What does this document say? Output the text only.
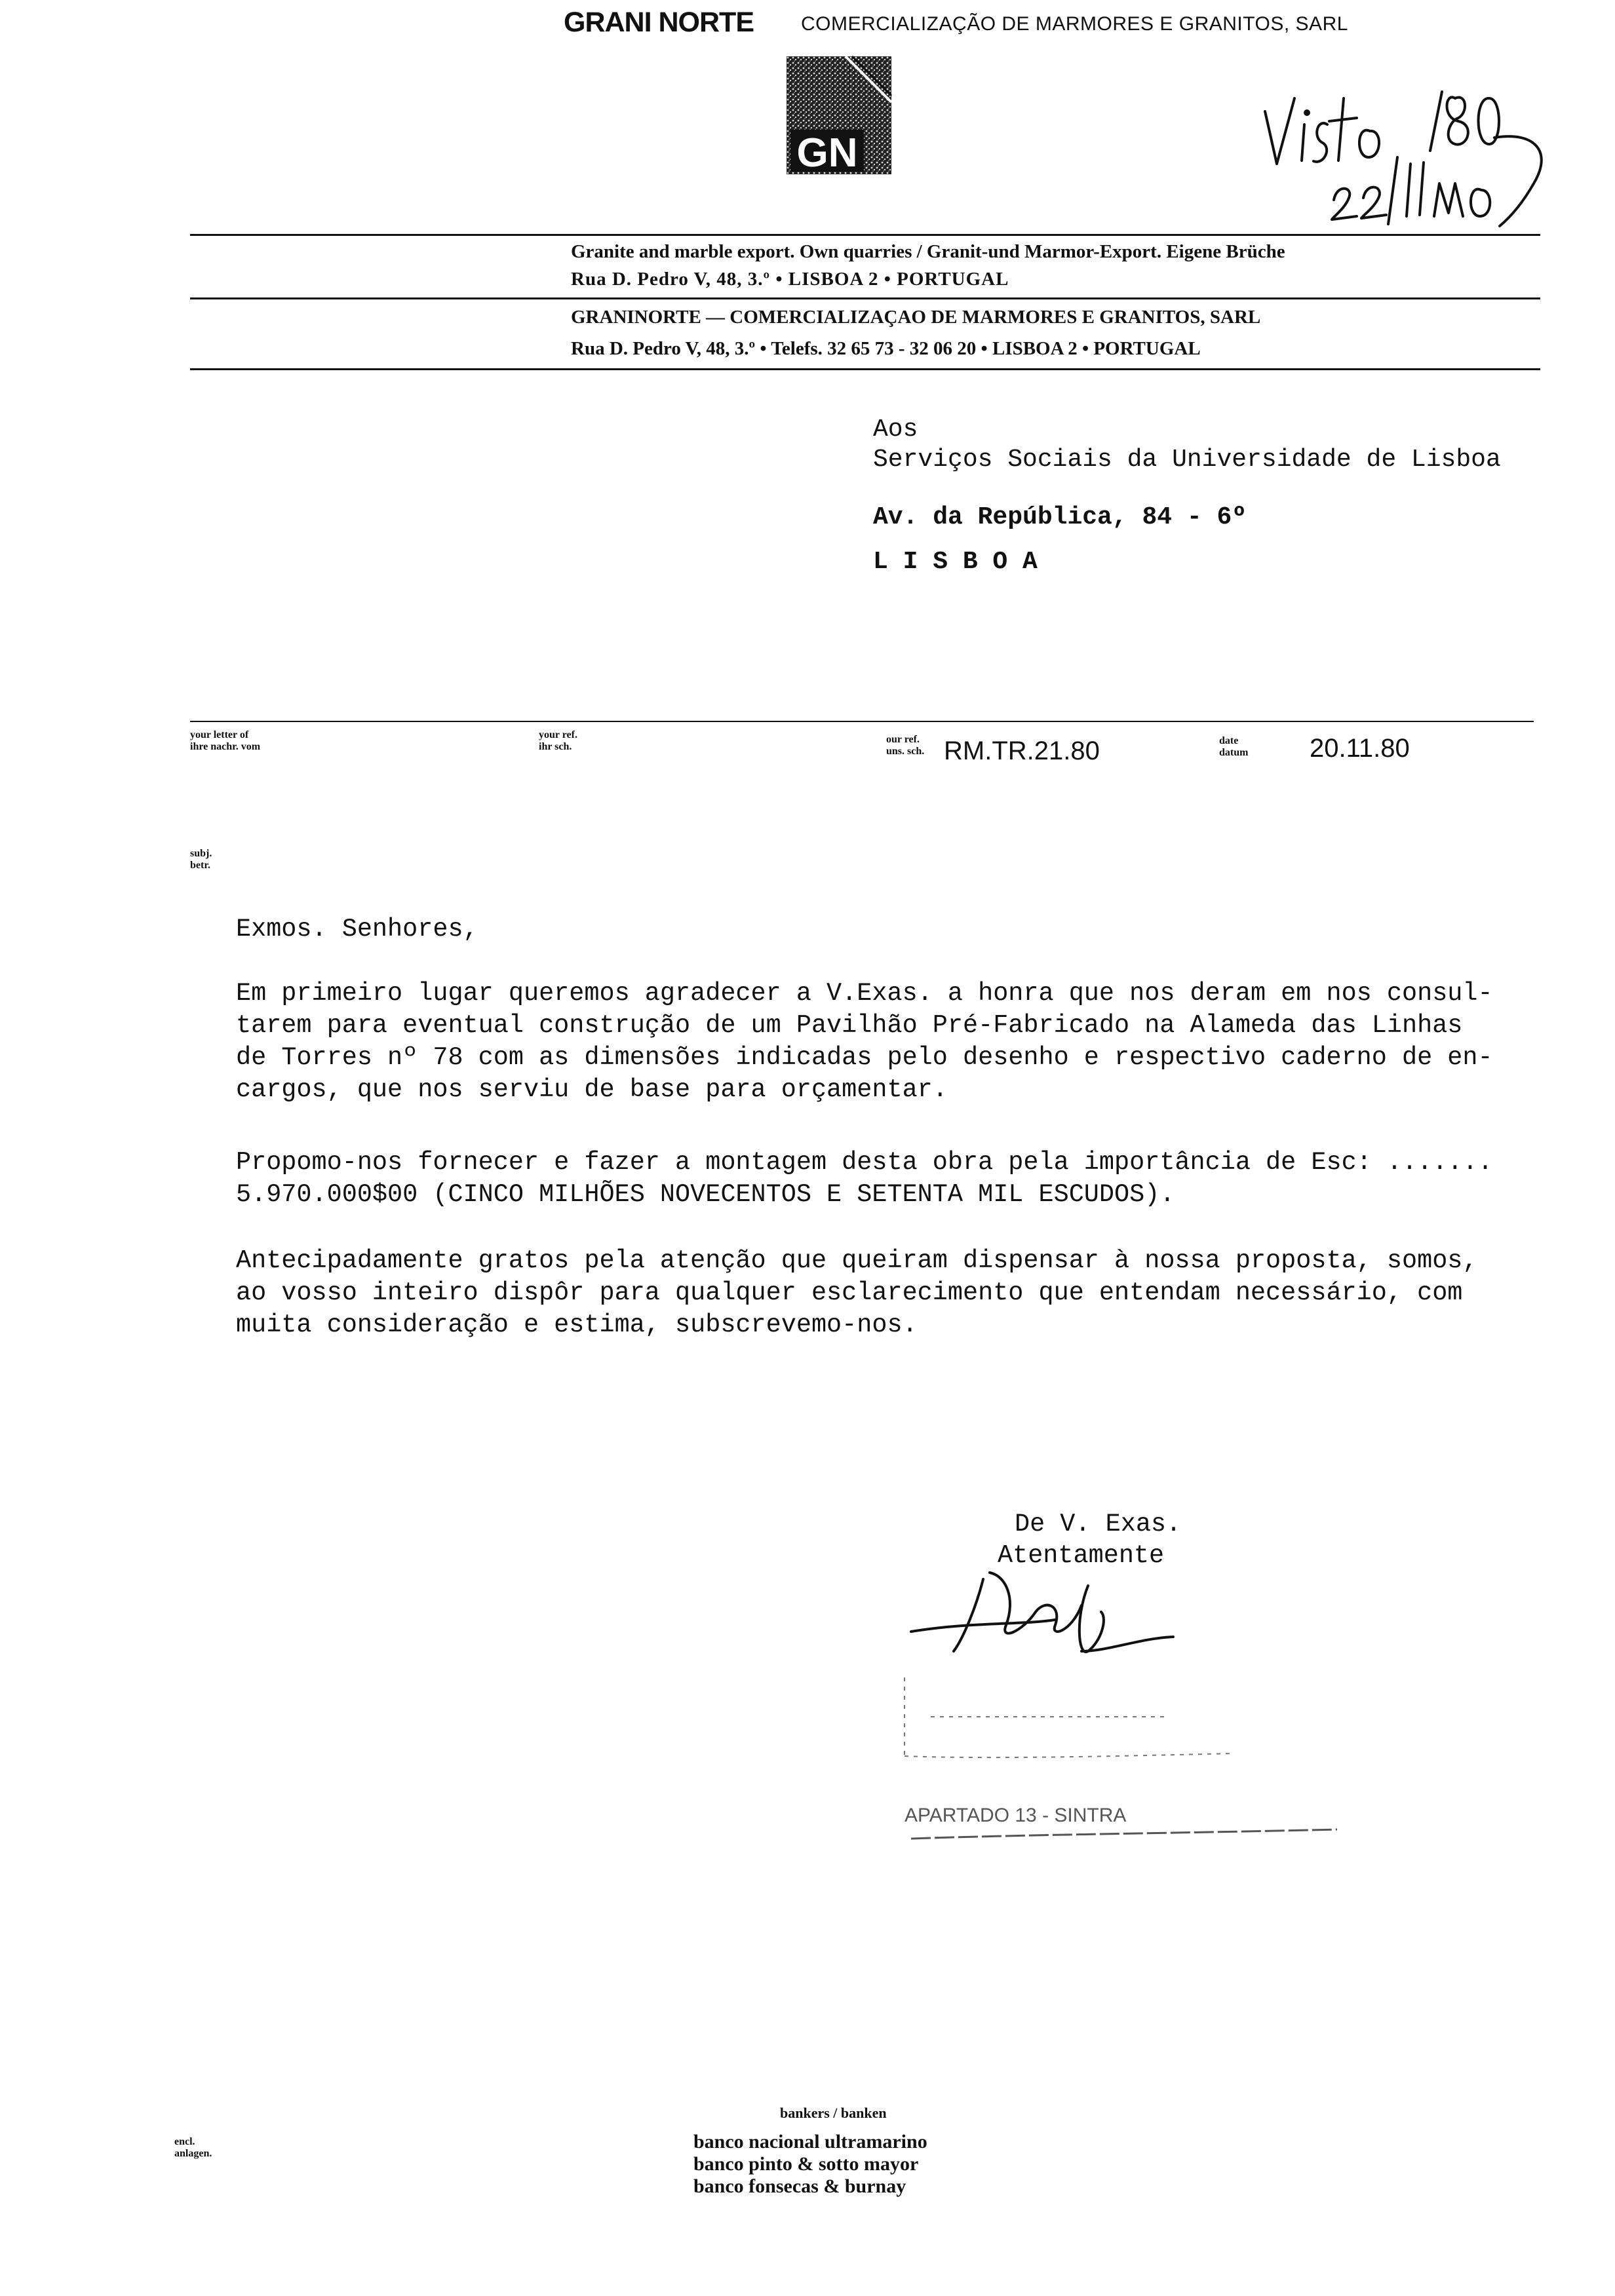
GRANI NORTE COMERCIALIZAÇÃO DE MARMORES E GRANITOS, SARL
GN
Granite and marble export. Own quarries / Granit-und Marmor-Export. Eigene Brüche
Rua D. Pedro V, 48, 3.º • LISBOA 2 • PORTUGAL
GRANINORTE — COMERCIALIZAÇAO DE MARMORES E GRANITOS, SARL
Rua D. Pedro V, 48, 3.º • Telefs. 32 65 73 - 32 06 20 • LISBOA 2 • PORTUGAL
Aos
Serviços Sociais da Universidade de Lisboa
Av. da República, 84 - 6º
L I S B O A
your letter of
ihre nachr. vom
your ref.
ihr sch.
our ref.
uns. sch. RM.TR.21.80	date
datum 20.11.80
subj.
betr.
Exmos. Senhores,
Em primeiro lugar queremos agradecer a V.Exas. a honra que nos deram em nos consul-
tarem para eventual construção de um Pavilhão Pré-Fabricado na Alameda das Linhas
de Torres nº 78 com as dimensões indicadas pelo desenho e respectivo caderno de en-
cargos, que nos serviu de base para orçamentar.
Propomo-nos fornecer e fazer a montagem desta obra pela importância de Esc: .......
5.970.000$00 (CINCO MILHÕES NOVECENTOS E SETENTA MIL ESCUDOS).
Antecipadamente gratos pela atenção que queiram dispensar à nossa proposta, somos,
ao vosso inteiro dispôr para qualquer esclarecimento que entendam necessário, com
muita consideração e estima, subscrevemo-nos.
De V. Exas.
Atentamente
APARTADO 13 - SINTRA
encl.
anlagen.
bankers / banken
banco nacional ultramarino
banco pinto & sotto mayor
banco fonsecas & burnay
